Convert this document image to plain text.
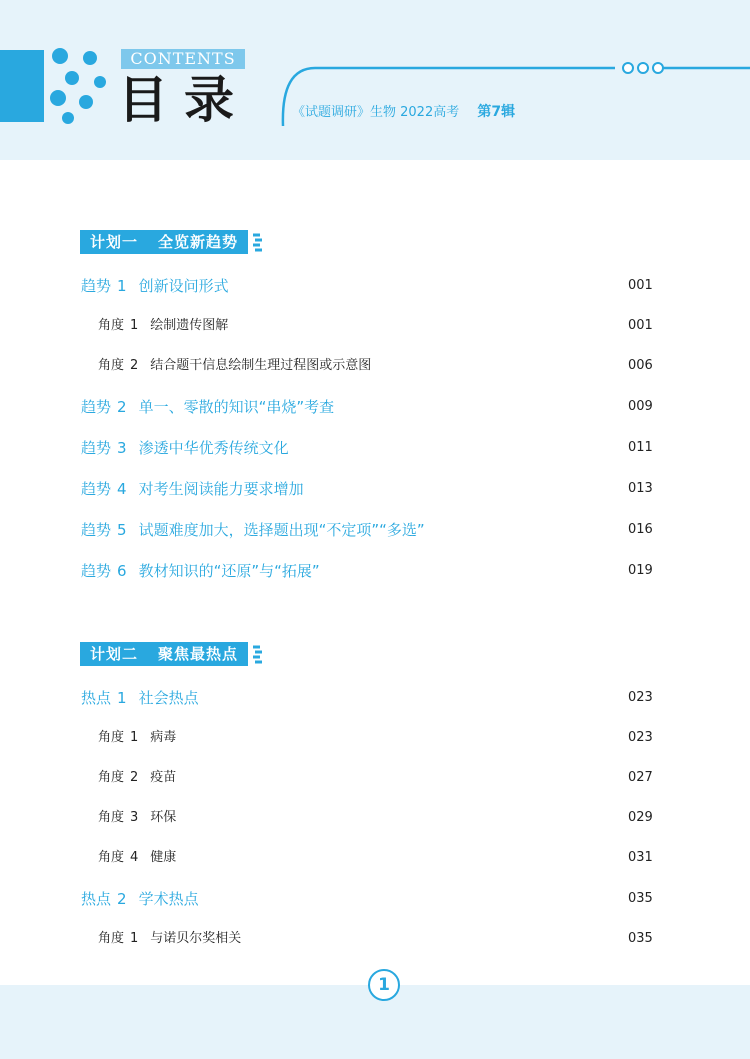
CONTENTS
目录	《试题调研》生物 2022高考 第7辑
计划一 全览新趋势
趋势 1 创新设问形式	001
角度 1 绘制遗传图解	001
角度 2 结合题干信息绘制生理过程图或示意图	006
趋势 2 单一、零散的知识“串烧”考查	009
趋势 3 渗透中华优秀传统文化	011
趋势 4 对考生阅读能力要求增加	013
趋势 5 试题难度加大，选择题出现“不定项”“多选”	016
趋势 6 教材知识的“还原”与“拓展”	019
计划二 聚焦最热点
热点 1 社会热点	023
角度 1 病毒	023
角度 2 疫苗	027
角度 3 环保	029
角度 4 健康	031
热点 2 学术热点	035
角度 1 与诺贝尔奖相关	035
1
